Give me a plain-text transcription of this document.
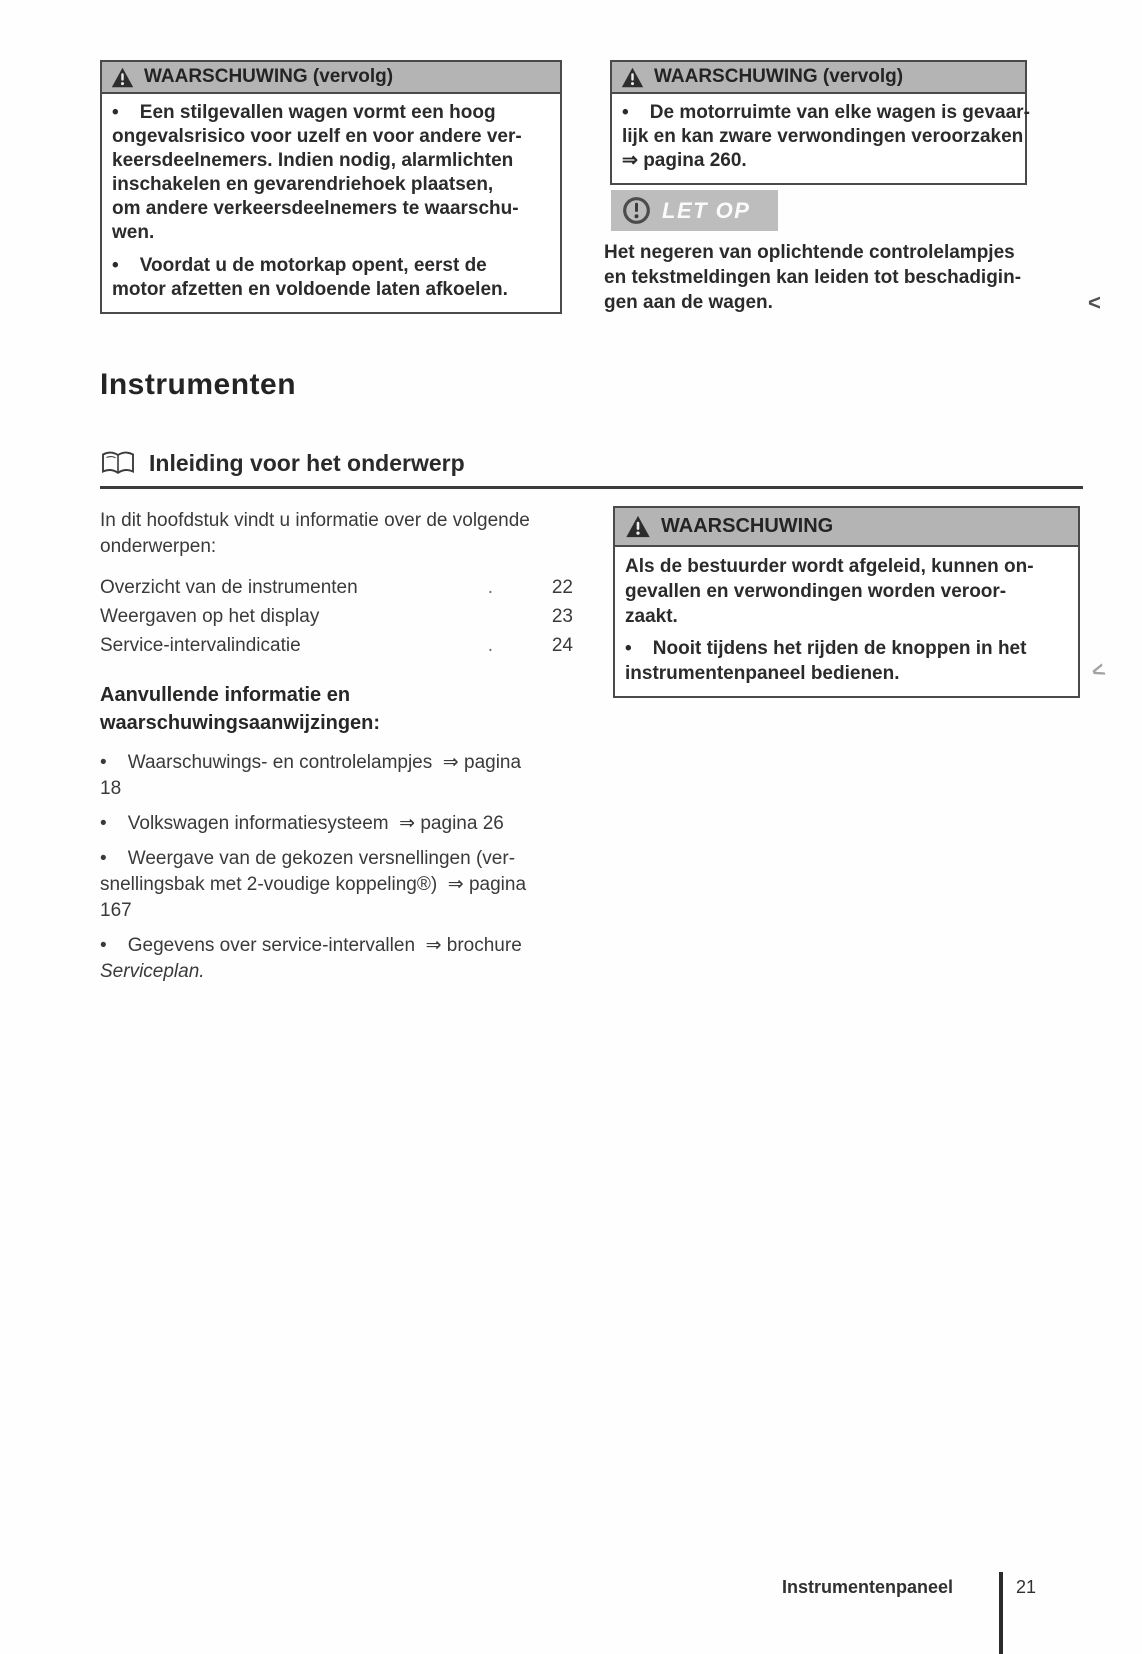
WAARSCHUWING (vervolg)
•    Een stilgevallen wagen vormt een hoog
ongevalsrisico voor uzelf en voor andere ver-
keersdeelnemers. Indien nodig, alarmlichten
inschakelen en gevarendriehoek plaatsen,
om andere verkeersdeelnemers te waarschu-
wen.
•    Voordat u de motorkap opent, eerst de
motor afzetten en voldoende laten afkoelen.
WAARSCHUWING (vervolg)
•    De motorruimte van elke wagen is gevaar-
lijk en kan zware verwondingen veroorzaken
⇒ pagina 260.
LET OP
Het negeren van oplichtende controlelampjes
en tekstmeldingen kan leiden tot beschadigin-
gen aan de wagen.	<
<
Instrumenten
Inleiding voor het onderwerp
In dit hoofdstuk vindt u informatie over de volgende
onderwerpen:
Overzicht van de instrumenten	.	22
Weergaven op het display	23
Service-intervalindicatie	.	24
Aanvullende informatie en
waarschuwingsaanwijzingen:
•    Waarschuwings- en controlelampjes  ⇒ pagina
18
•    Volkswagen informatiesysteem  ⇒ pagina 26
•    Weergave van de gekozen versnellingen (ver-
snellingsbak met 2-voudige koppeling®)  ⇒ pagina
167
•    Gegevens over service-intervallen  ⇒ brochure
Serviceplan.
WAARSCHUWING
Als de bestuurder wordt afgeleid, kunnen on-
gevallen en verwondingen worden veroor-
zaakt.
•    Nooit tijdens het rijden de knoppen in het
instrumentenpaneel bedienen.
Instrumentenpaneel	21
